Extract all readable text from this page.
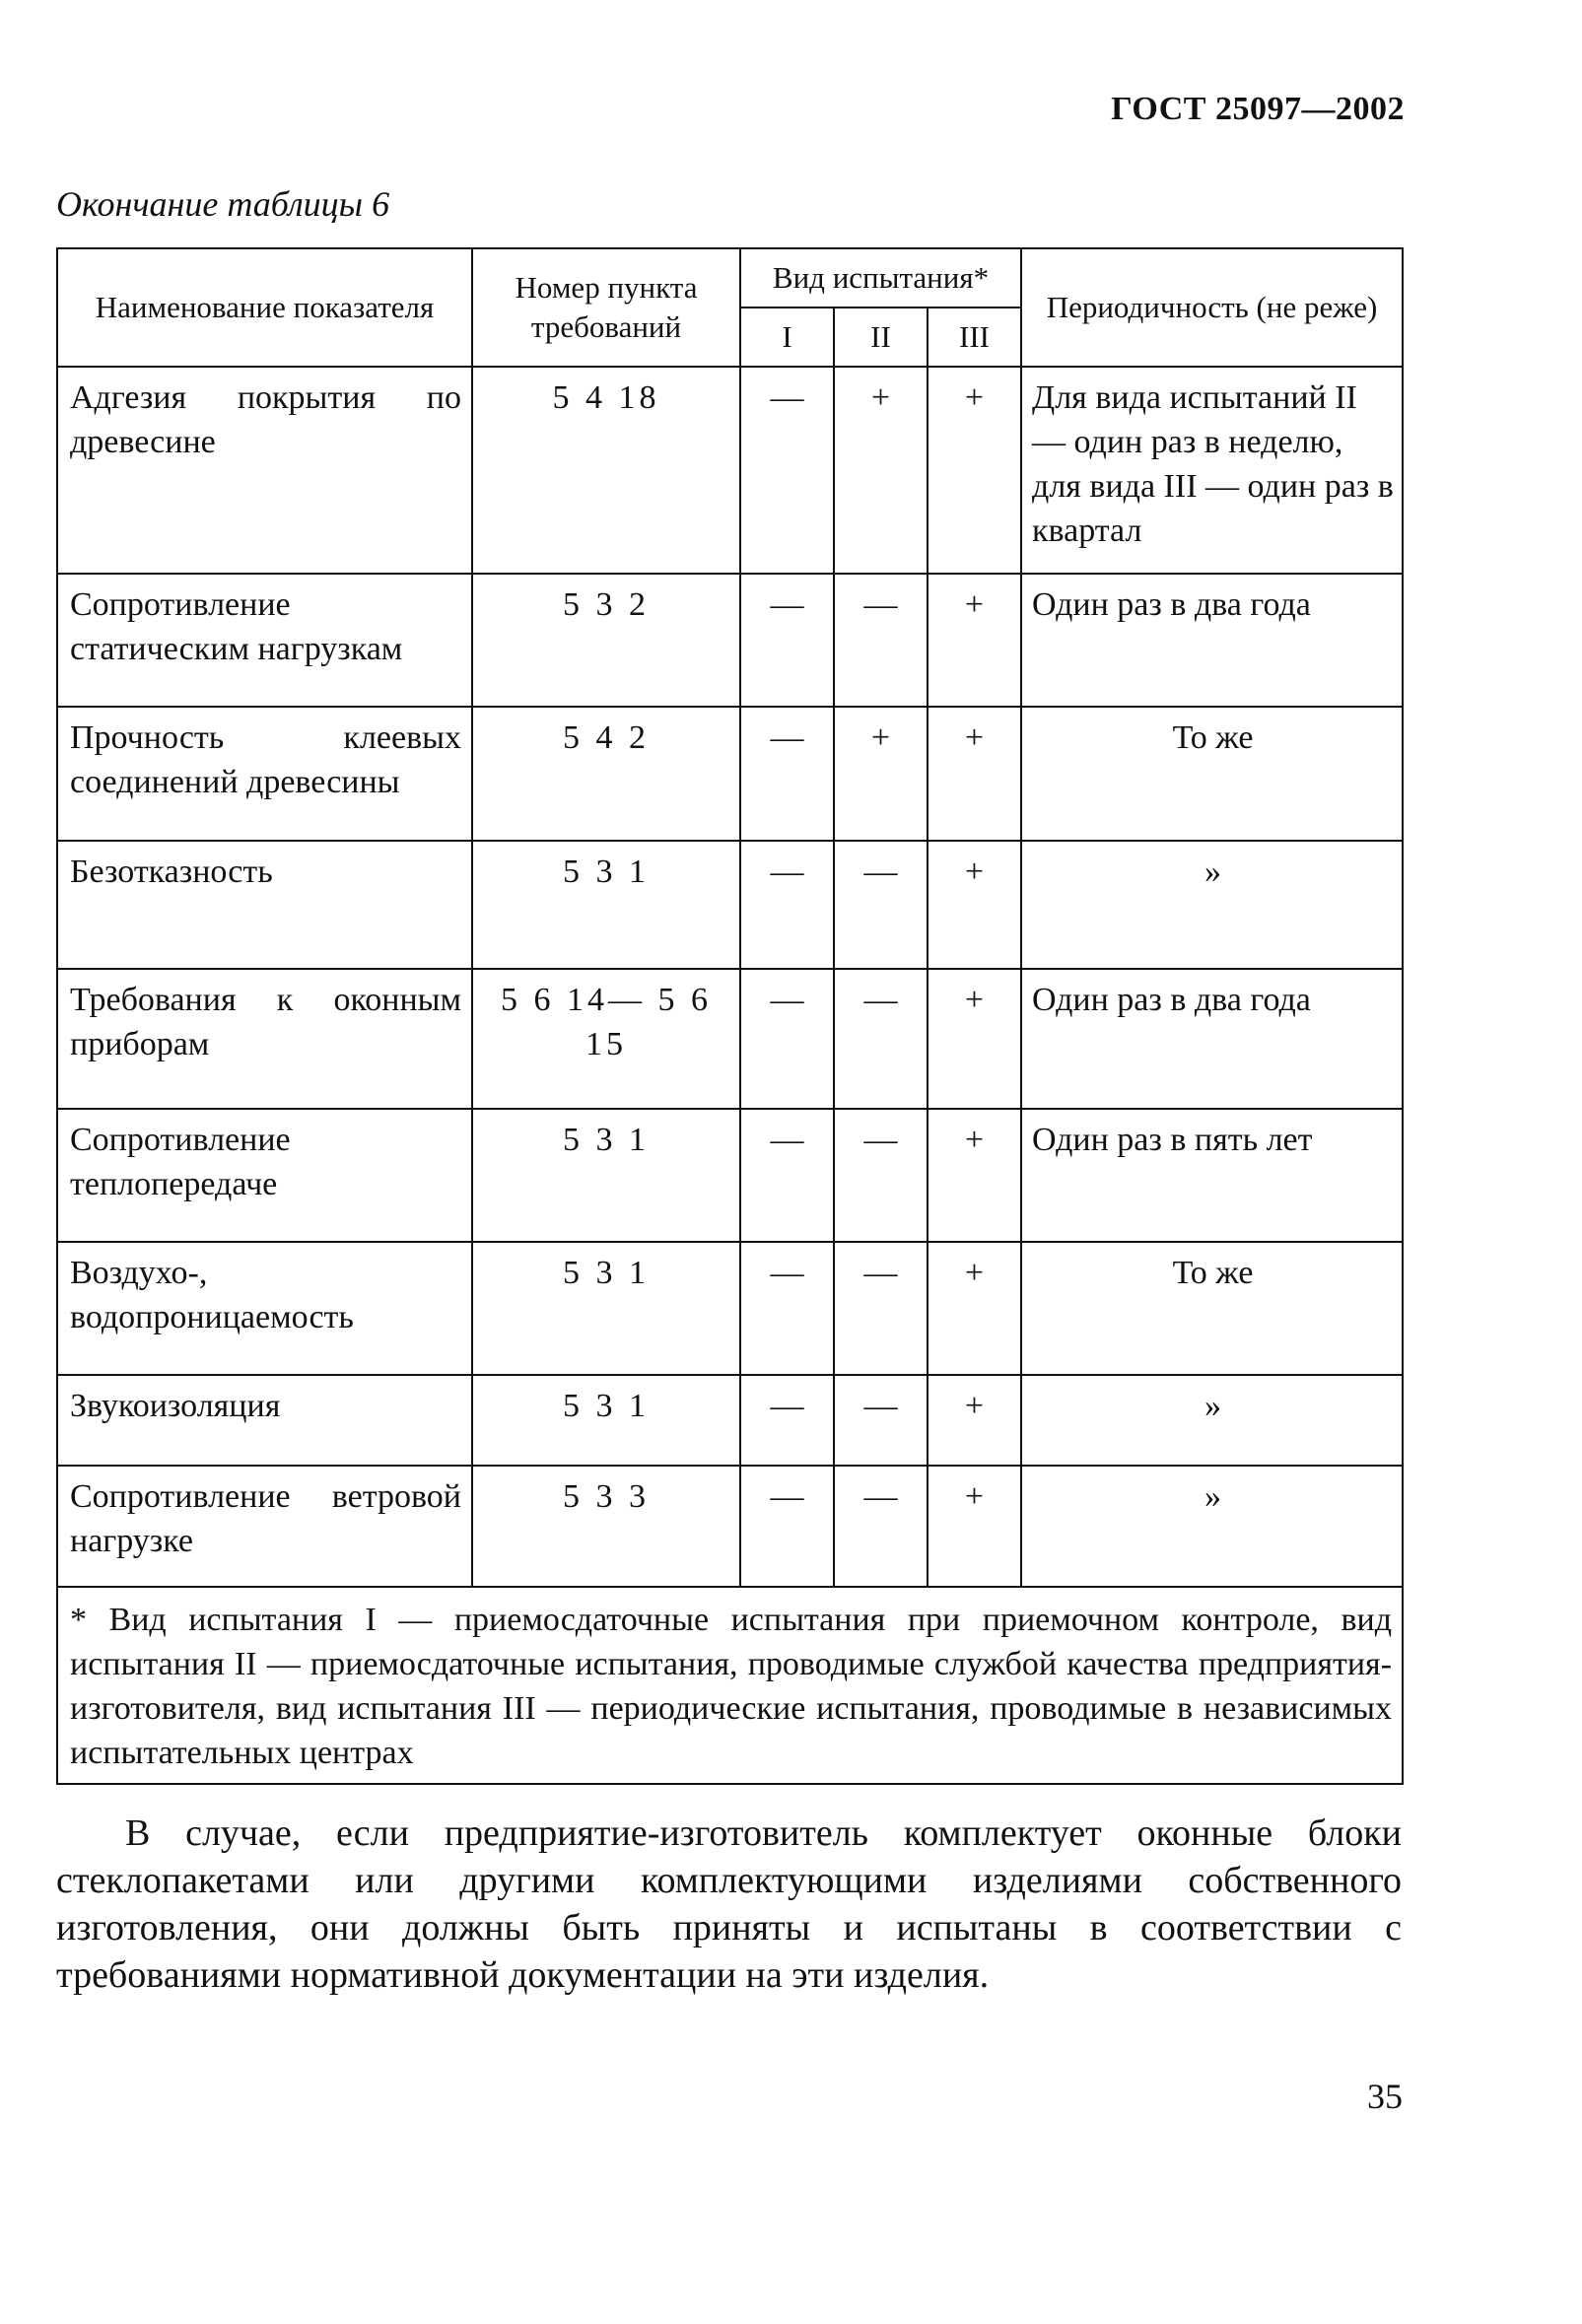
ГОСТ 25097—2002
Окончание таблицы 6
Наименование показателя	Номер пункта требований	Вид испытания*			Периодичность (не реже)
		I	II	III	
Адгезия покрытия по древесине	5 4 18	—	+	+	Для вида испытаний II — один раз в неделю, для вида III — один раз в квартал
Сопротивление статическим нагрузкам	5 3 2	—	—	+	Один раз в два года
Прочность клеевых соединений древесины	5 4 2	—	+	+	То же
Безотказность	5 3 1	—	—	+	»
Требования к оконным приборам	5 6 14— 5 6 15	—	—	+	Один раз в два года
Сопротивление теплопередаче	5 3 1	—	—	+	Один раз в пять лет
Воздухо-, водопроницаемость	5 3 1	—	—	+	То же
Звукоизоляция	5 3 1	—	—	+	»
Сопротивление ветровой нагрузке	5 3 3	—	—	+	»
* Вид испытания I — приемосдаточные испытания при приемочном контроле, вид испытания II — приемосдаточные испытания, проводимые службой качества предприятия-изготовителя, вид испытания III — периодические испытания, проводимые в независимых испытательных центрах					
В случае, если предприятие-изготовитель комплектует оконные блоки стеклопакетами или другими комплектующими изделиями собственного изготовления, они должны быть приняты и испытаны в соответствии с требованиями нормативной документации на эти изделия.
35
